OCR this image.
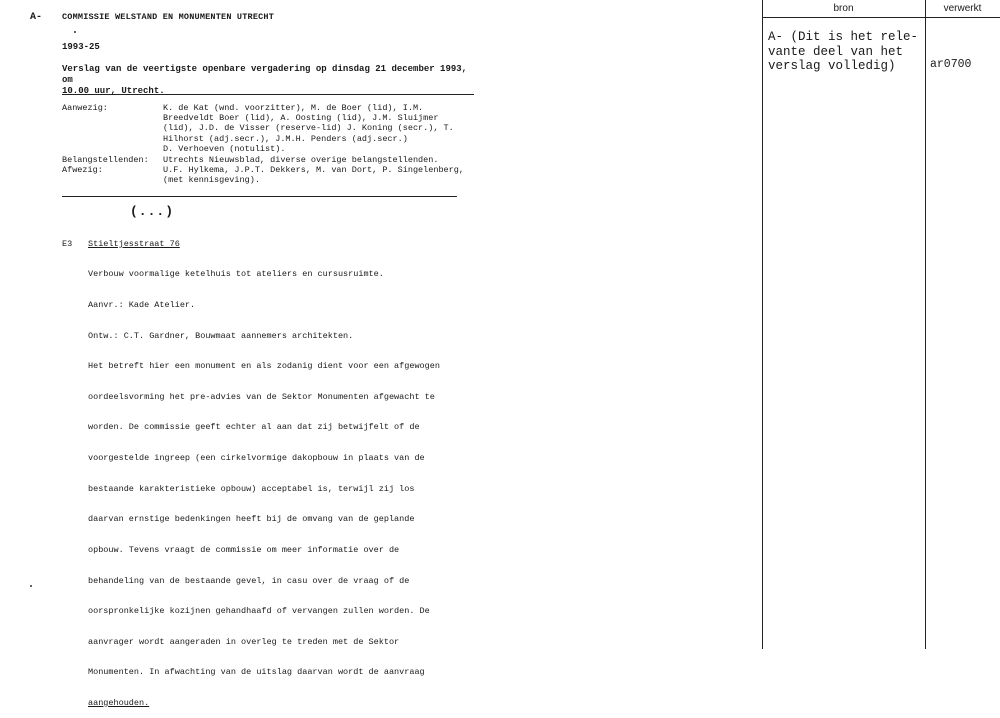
A- COMMISSIE WELSTAND EN MONUMENTEN UTRECHT
1993-25
Verslag van de veertigste openbare vergadering op dinsdag 21 december 1993, om
10.00 uur, Utrecht.
Aanwezig:	K. de Kat (wnd. voorzitter), M. de Boer (lid), I.M.
Breedveldt Boer (lid), A. Oosting (lid), J.M. Sluijmer
(lid), J.D. de Visser (reserve-lid) J. Koning (secr.), T.
Hilhorst (adj.secr.), J.M.H. Penders (adj.secr.)
D. Verhoeven (notulist).
Belangstellenden: Utrechts Nieuwsblad, diverse overige belangstellenden.
Afwezig:	U.F. Hylkema, J.P.T. Dekkers, M. van Dort, P. Singelenberg,
(met kennisgeving).
(...)
E3 Stieltjesstraat 76

Verbouw voormalige ketelhuis tot ateliers en cursusruimte.

Aanvr.: Kade Atelier.

Ontw.: C.T. Gardner, Bouwmaat aannemers architekten.

Het betreft hier een monument en als zodanig dient voor een afgewogen

oordeelsvorming het pre-advies van de Sektor Monumenten afgewacht te

worden. De commissie geeft echter al aan dat zij betwijfelt of de

voorgestelde ingreep (een cirkelvormige dakopbouw in plaats van de

bestaande karakteristieke opbouw) acceptabel is, terwijl zij los

daarvan ernstige bedenkingen heeft bij de omvang van de geplande

opbouw. Tevens vraagt de commissie om meer informatie over de

behandeling van de bestaande gevel, in casu over de vraag of de

oorspronkelijke kozijnen gehandhaafd of vervangen zullen worden. De

aanvrager wordt aangeraden in overleg te treden met de Sektor

Monumenten. In afwachting van de uitslag daarvan wordt de aanvraag

aangehouden.

bron	verwerkt
A- (Dit is het rele-
vante deel van het
verslag volledig)	ar0700
